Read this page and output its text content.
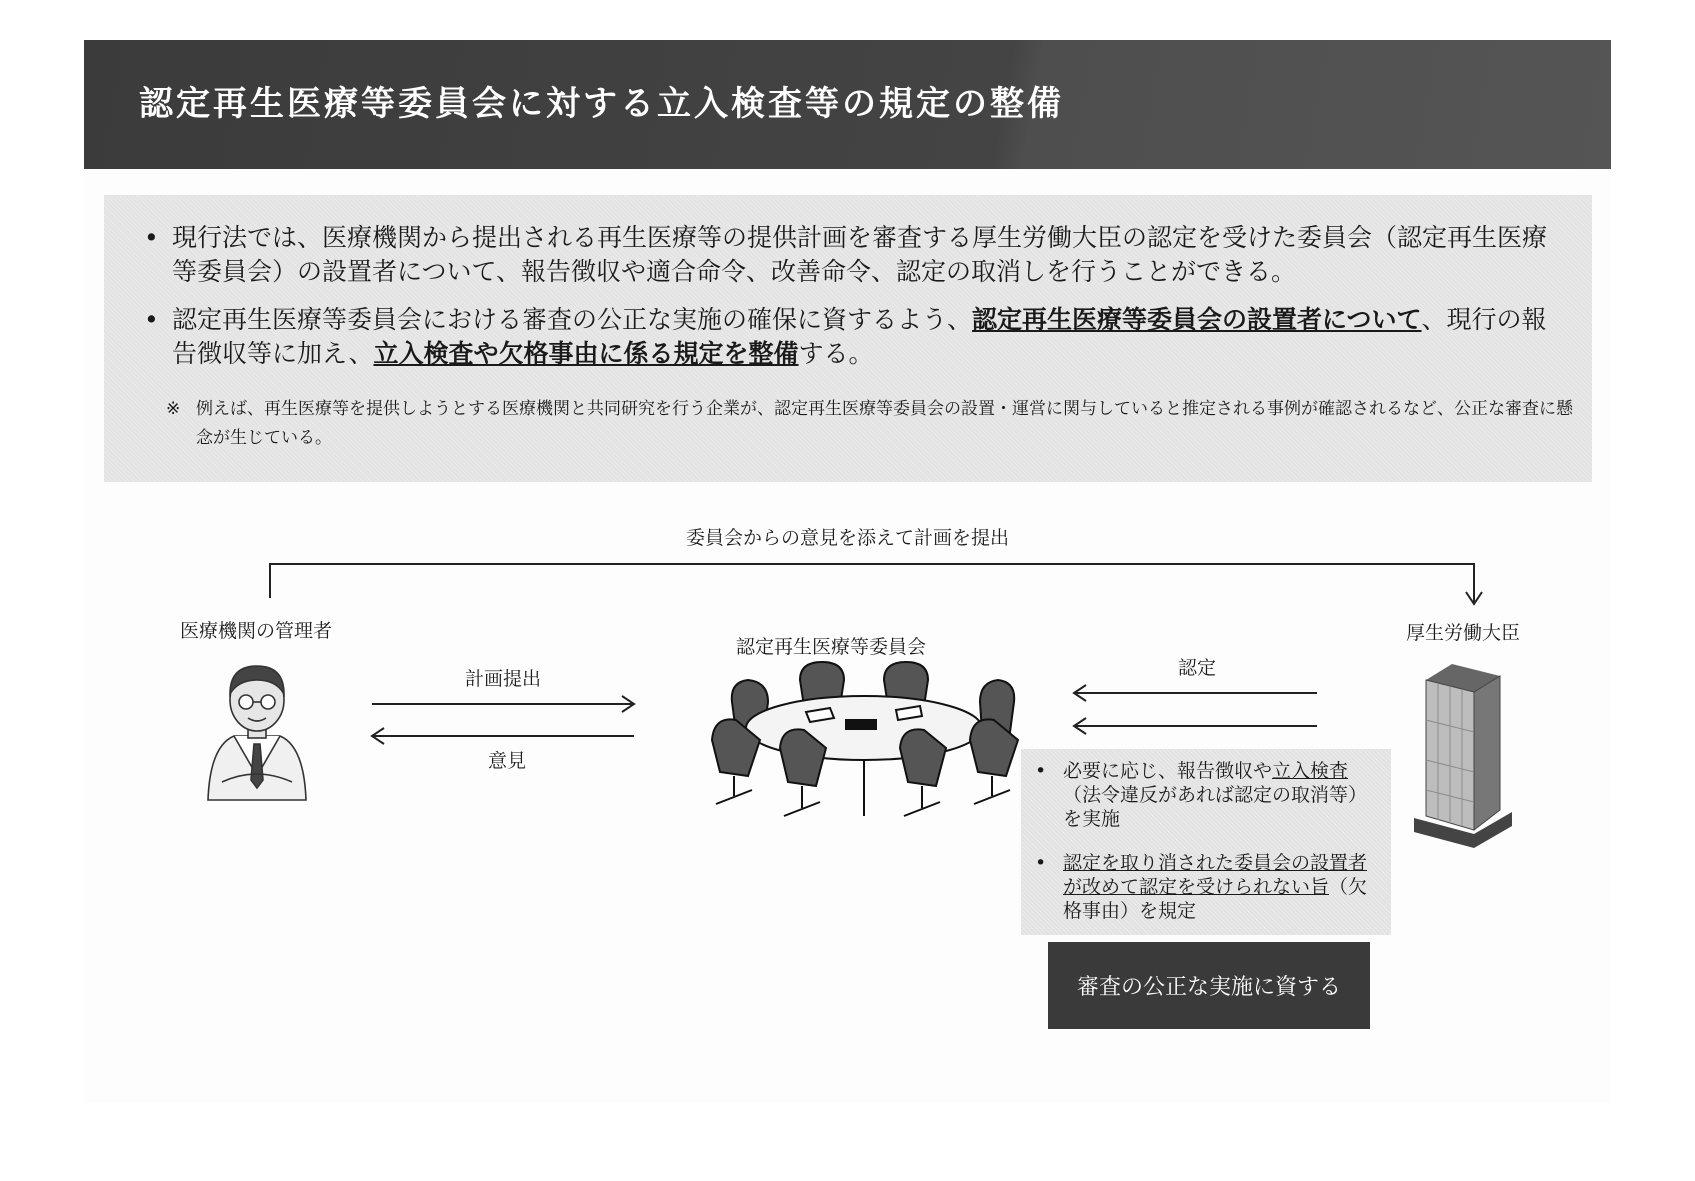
認定再生医療等委員会に対する立入検査等の規定の整備
• 現行法では、医療機関から提出される再生医療等の提供計画を審査する厚生労働大臣の認定を受けた委員会（認定再生医療等委員会）の設置者について、報告徴収や適合命令、改善命令、認定の取消しを行うことができる。
• 認定再生医療等委員会における審査の公正な実施の確保に資するよう、認定再生医療等委員会の設置者について、現行の報告徴収等に加え、立入検査や欠格事由に係る規定を整備する。
※ 例えば、再生医療等を提供しようとする医療機関と共同研究を行う企業が、認定再生医療等委員会の設置・運営に関与していると推定される事例が確認されるなど、公正な審査に懸念が生じている。
委員会からの意見を添えて計画を提出
医療機関の管理者
認定再生医療等委員会
厚生労働大臣
計画提出
意見
認定
• 必要に応じ、報告徴収や立入検査（法令違反があれば認定の取消等）を実施
• 認定を取り消された委員会の設置者が改めて認定を受けられない旨（欠格事由）を規定
審査の公正な実施に資する
